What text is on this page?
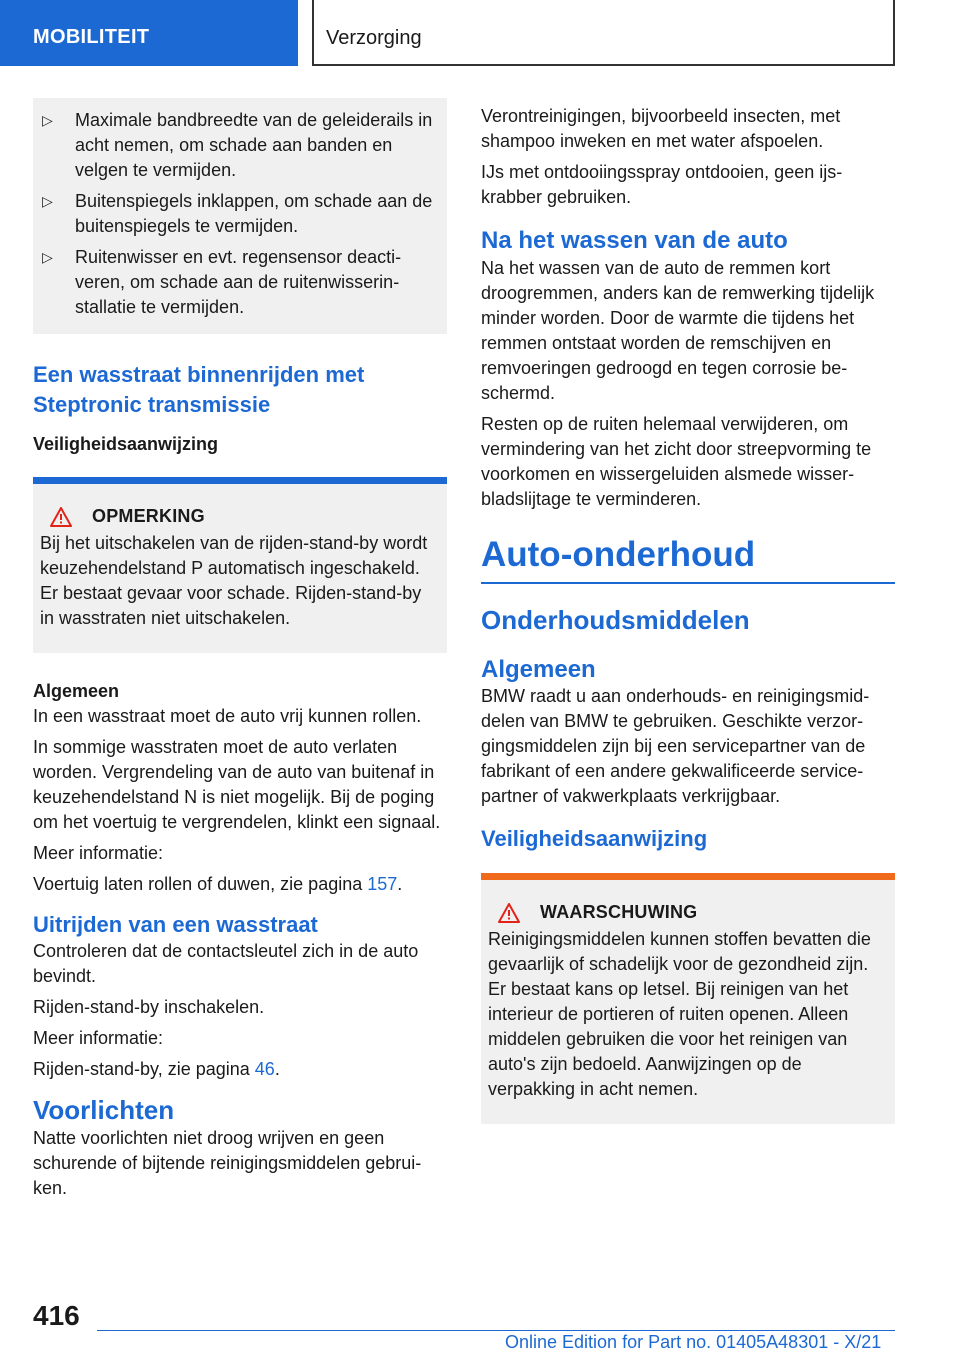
MOBILITEIT	Verzorging
▷	Maximale bandbreedte van de geleiderails in acht nemen, om schade aan banden en velgen te vermijden.
▷	Buitenspiegels inklappen, om schade aan de buitenspiegels te vermijden.
▷	Ruitenwisser en evt. regensensor deactiveren, om schade aan de ruitenwisserinstallatie te vermijden.
Een wasstraat binnenrijden met Steptronic transmissie
Veiligheidsaanwijzing
OPMERKING

Bij het uitschakelen van de rijden-stand-by wordt keuzehendelstand P automatisch ingeschakeld. Er bestaat gevaar voor schade. Rijden-stand-by in wasstraten niet uitschakelen.

Algemeen

In een wasstraat moet de auto vrij kunnen rollen.

In sommige wasstraten moet de auto verlaten worden. Vergrendeling van de auto van buitenaf in keuzehendelstand N is niet mogelijk. Bij de poging om het voertuig te vergrendelen, klinkt een signaal.

Meer informatie:

Voertuig laten rollen of duwen, zie pagina 157.

Uitrijden van een wasstraat

Controleren dat de contactsleutel zich in de auto bevindt.

Rijden-stand-by inschakelen.

Meer informatie:

Rijden-stand-by, zie pagina 46.

Voorlichten

Natte voorlichten niet droog wrijven en geen schurende of bijtende reinigingsmiddelen gebruiken.

Verontreinigingen, bijvoorbeeld insecten, met shampoo inweken en met water afspoelen.

IJs met ontdooiingsspray ontdooien, geen ijskrabber gebruiken.

Na het wassen van de auto

Na het wassen van de auto de remmen kort droogremmen, anders kan de remwerking tijdelijk minder worden. Door de warmte die tijdens het remmen ontstaat worden de remschijven en remvoeringen gedroogd en tegen corrosie beschermd.

Resten op de ruiten helemaal verwijderen, om vermindering van het zicht door streepvorming te voorkomen en wissergeluiden alsmede wisserbladslijtage te verminderen.

Auto-onderhoud
Onderhoudsmiddelen
Algemeen

BMW raadt u aan onderhouds- en reinigingsmiddelen van BMW te gebruiken. Geschikte verzorgingsmiddelen zijn bij een servicepartner van de fabrikant of een andere gekwalificeerde servicepartner of vakwerkplaats verkrijgbaar.

Veiligheidsaanwijzing
WAARSCHUWING

Reinigingsmiddelen kunnen stoffen bevatten die gevaarlijk of schadelijk voor de gezondheid zijn. Er bestaat kans op letsel. Bij reinigen van het interieur de portieren of ruiten openen. Alleen middelen gebruiken die voor het reinigen van auto's zijn bedoeld. Aanwijzingen op de verpakking in acht nemen.

416
Online Edition for Part no. 01405A48301 - X/21
